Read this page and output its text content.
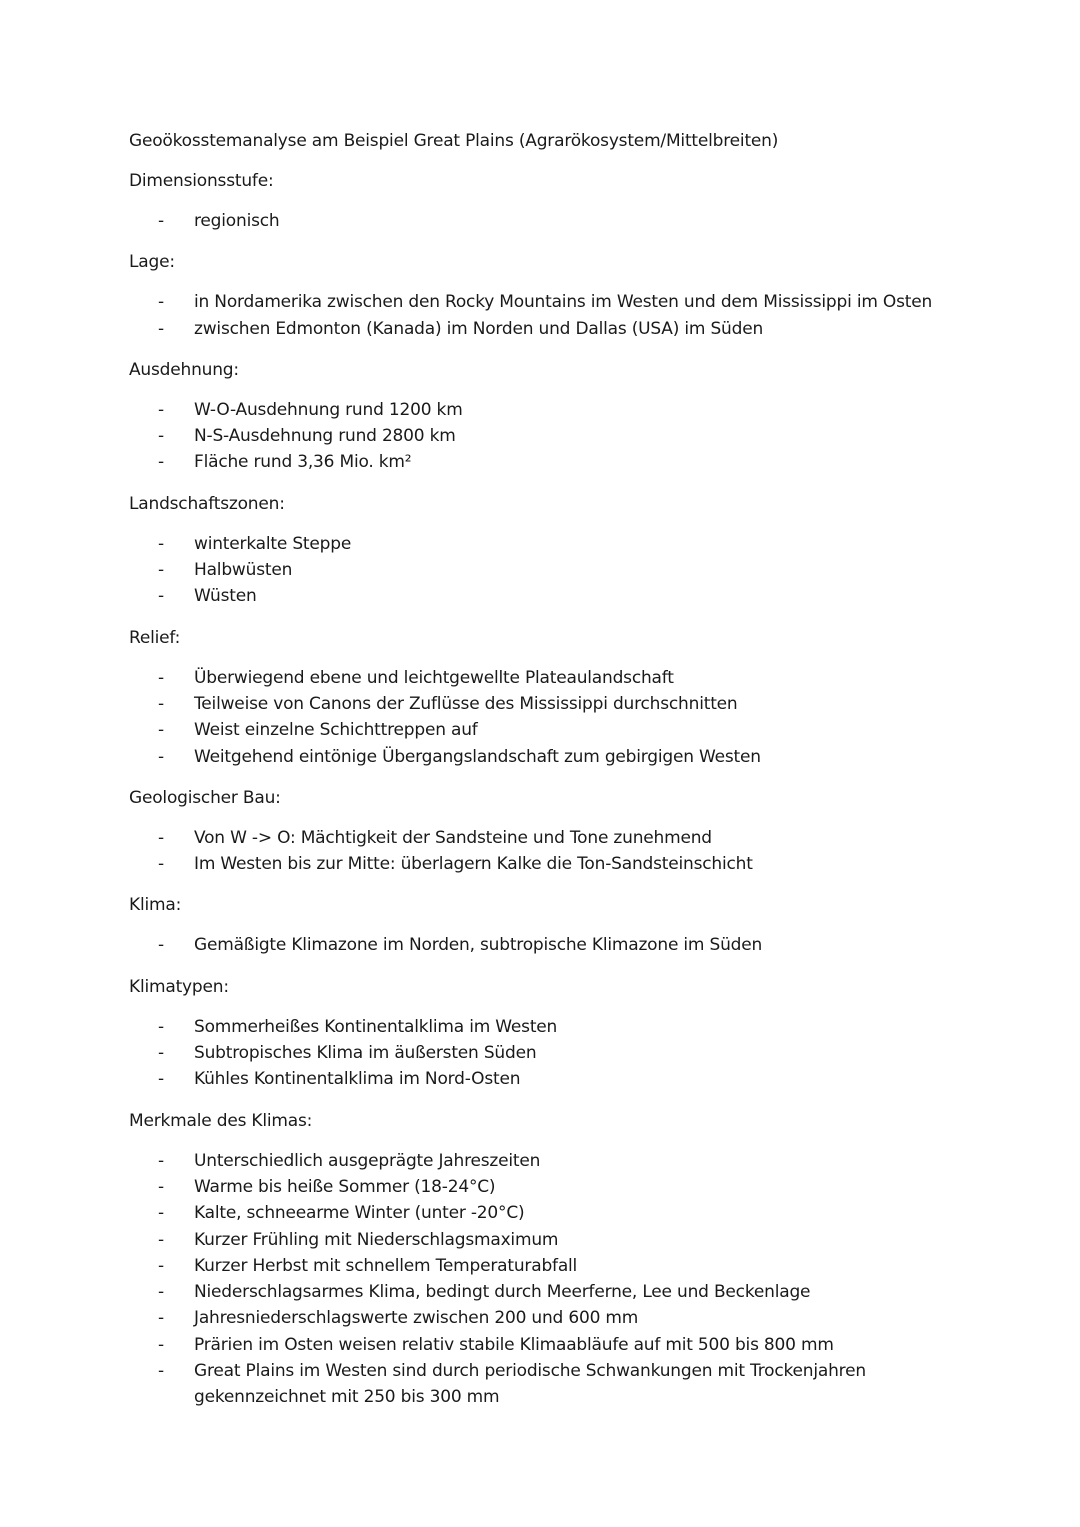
Geoökosstemanalyse am Beispiel Great Plains (Agrarökosystem/Mittelbreiten)
Dimensionsstufe:
- regionisch
Lage:
- in Nordamerika zwischen den Rocky Mountains im Westen und dem Mississippi im Osten
- zwischen Edmonton (Kanada) im Norden und Dallas (USA) im Süden
Ausdehnung:
- W-O-Ausdehnung rund 1200 km
- N-S-Ausdehnung rund 2800 km
- Fläche rund 3,36 Mio. km²
Landschaftszonen:
- winterkalte Steppe
- Halbwüsten
- Wüsten
Relief:
- Überwiegend ebene und leichtgewellte Plateaulandschaft
- Teilweise von Canons der Zuflüsse des Mississippi durchschnitten
- Weist einzelne Schichttreppen auf
- Weitgehend eintönige Übergangslandschaft zum gebirgigen Westen
Geologischer Bau:
- Von W -> O: Mächtigkeit der Sandsteine und Tone zunehmend
- Im Westen bis zur Mitte: überlagern Kalke die Ton-Sandsteinschicht
Klima:
- Gemäßigte Klimazone im Norden, subtropische Klimazone im Süden
Klimatypen:
- Sommerheißes Kontinentalklima im Westen
- Subtropisches Klima im äußersten Süden
- Kühles Kontinentalklima im Nord-Osten
Merkmale des Klimas:
- Unterschiedlich ausgeprägte Jahreszeiten
- Warme bis heiße Sommer (18-24°C)
- Kalte, schneearme Winter (unter -20°C)
- Kurzer Frühling mit Niederschlagsmaximum
- Kurzer Herbst mit schnellem Temperaturabfall
- Niederschlagsarmes Klima, bedingt durch Meerferne, Lee und Beckenlage
- Jahresniederschlagswerte zwischen 200 und 600 mm
- Prärien im Osten weisen relativ stabile Klimaabläufe auf mit 500 bis 800 mm
- Great Plains im Westen sind durch periodische Schwankungen mit Trockenjahren gekennzeichnet mit 250 bis 300 mm
